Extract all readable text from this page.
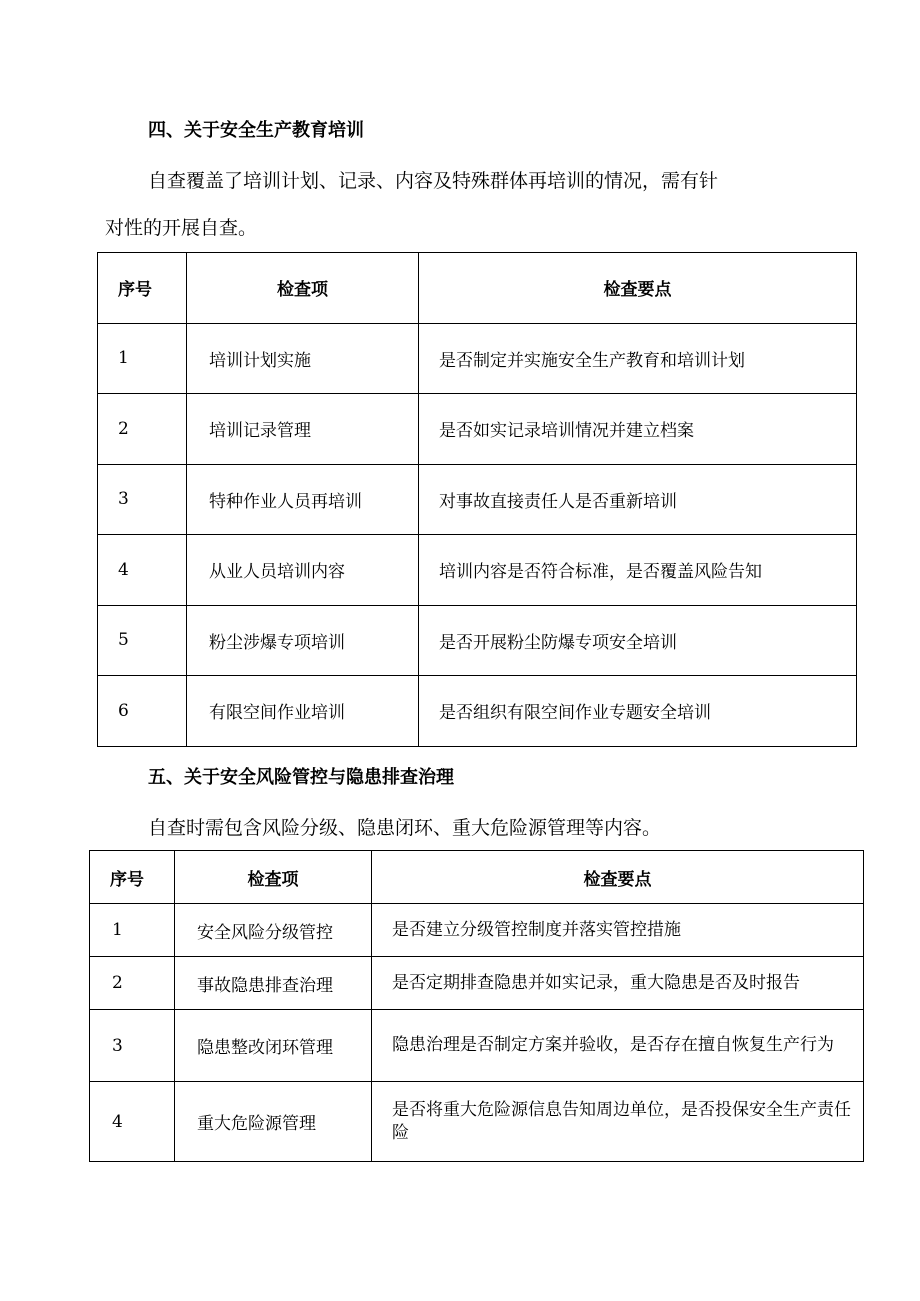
四、关于安全生产教育培训
自查覆盖了培训计划、记录、内容及特殊群体再培训的情况，需有针
对性的开展自查。
序号	检查项	检查要点
1	培训计划实施	是否制定并实施安全生产教育和培训计划
2	培训记录管理	是否如实记录培训情况并建立档案
3	特种作业人员再培训	对事故直接责任人是否重新培训
4	从业人员培训内容	培训内容是否符合标准，是否覆盖风险告知
5	粉尘涉爆专项培训	是否开展粉尘防爆专项安全培训
6	有限空间作业培训	是否组织有限空间作业专题安全培训
五、关于安全风险管控与隐患排查治理
自查时需包含风险分级、隐患闭环、重大危险源管理等内容。
序号	检查项	检查要点
1	安全风险分级管控	是否建立分级管控制度并落实管控措施
2	事故隐患排查治理	是否定期排查隐患并如实记录，重大隐患是否及时报告
3	隐患整改闭环管理	隐患治理是否制定方案并验收，是否存在擅自恢复生产行为
4	重大危险源管理	是否将重大危险源信息告知周边单位，是否投保安全生产责任险
